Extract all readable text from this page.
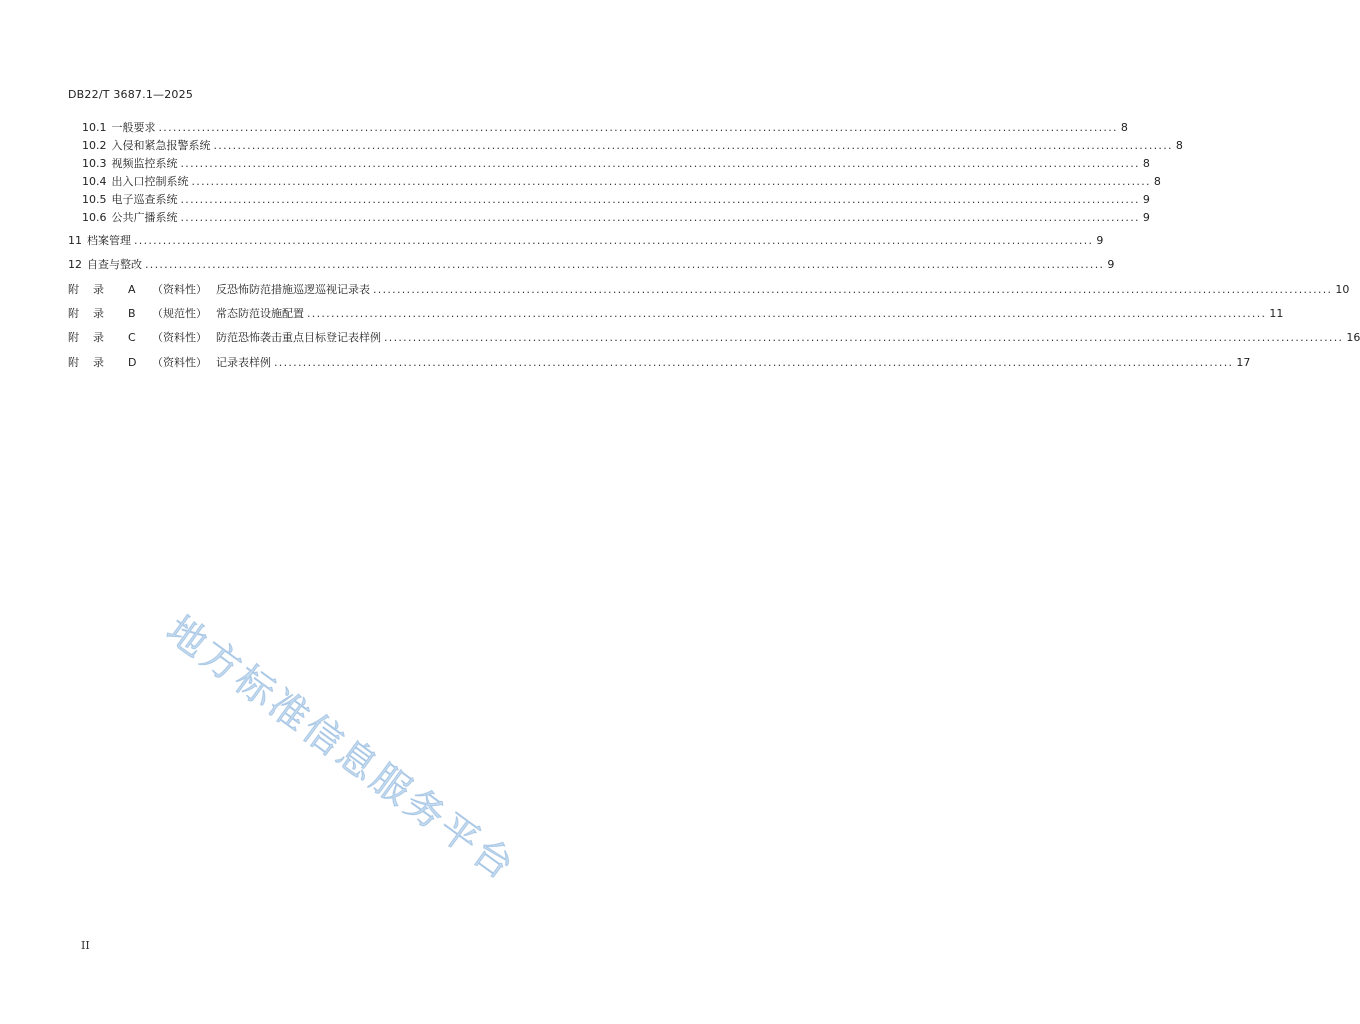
DB22/T 3687.1—2025
10.1 一般要求 ........................................................................................................................................................................................................ 8
10.2 入侵和紧急报警系统 ........................................................................................................................................................................................................ 8
10.3 视频监控系统 ........................................................................................................................................................................................................ 8
10.4 出入口控制系统 ........................................................................................................................................................................................................ 8
10.5 电子巡查系统 ........................................................................................................................................................................................................ 9
10.6 公共广播系统 ........................................................................................................................................................................................................ 9
11 档案管理 ........................................................................................................................................................................................................ 9
12 自查与整改 ........................................................................................................................................................................................................ 9
附	录	A	（资料性） 反恐怖防范措施巡逻巡视记录表 ........................................................................................................................................................................................................ 10
附	录	B	（规范性） 常态防范设施配置 ........................................................................................................................................................................................................ 11
附	录	C	（资料性） 防范恐怖袭击重点目标登记表样例 ........................................................................................................................................................................................................ 16
附	录	D	（资料性） 记录表样例 ........................................................................................................................................................................................................ 17
地方标准信息服务平台
II
